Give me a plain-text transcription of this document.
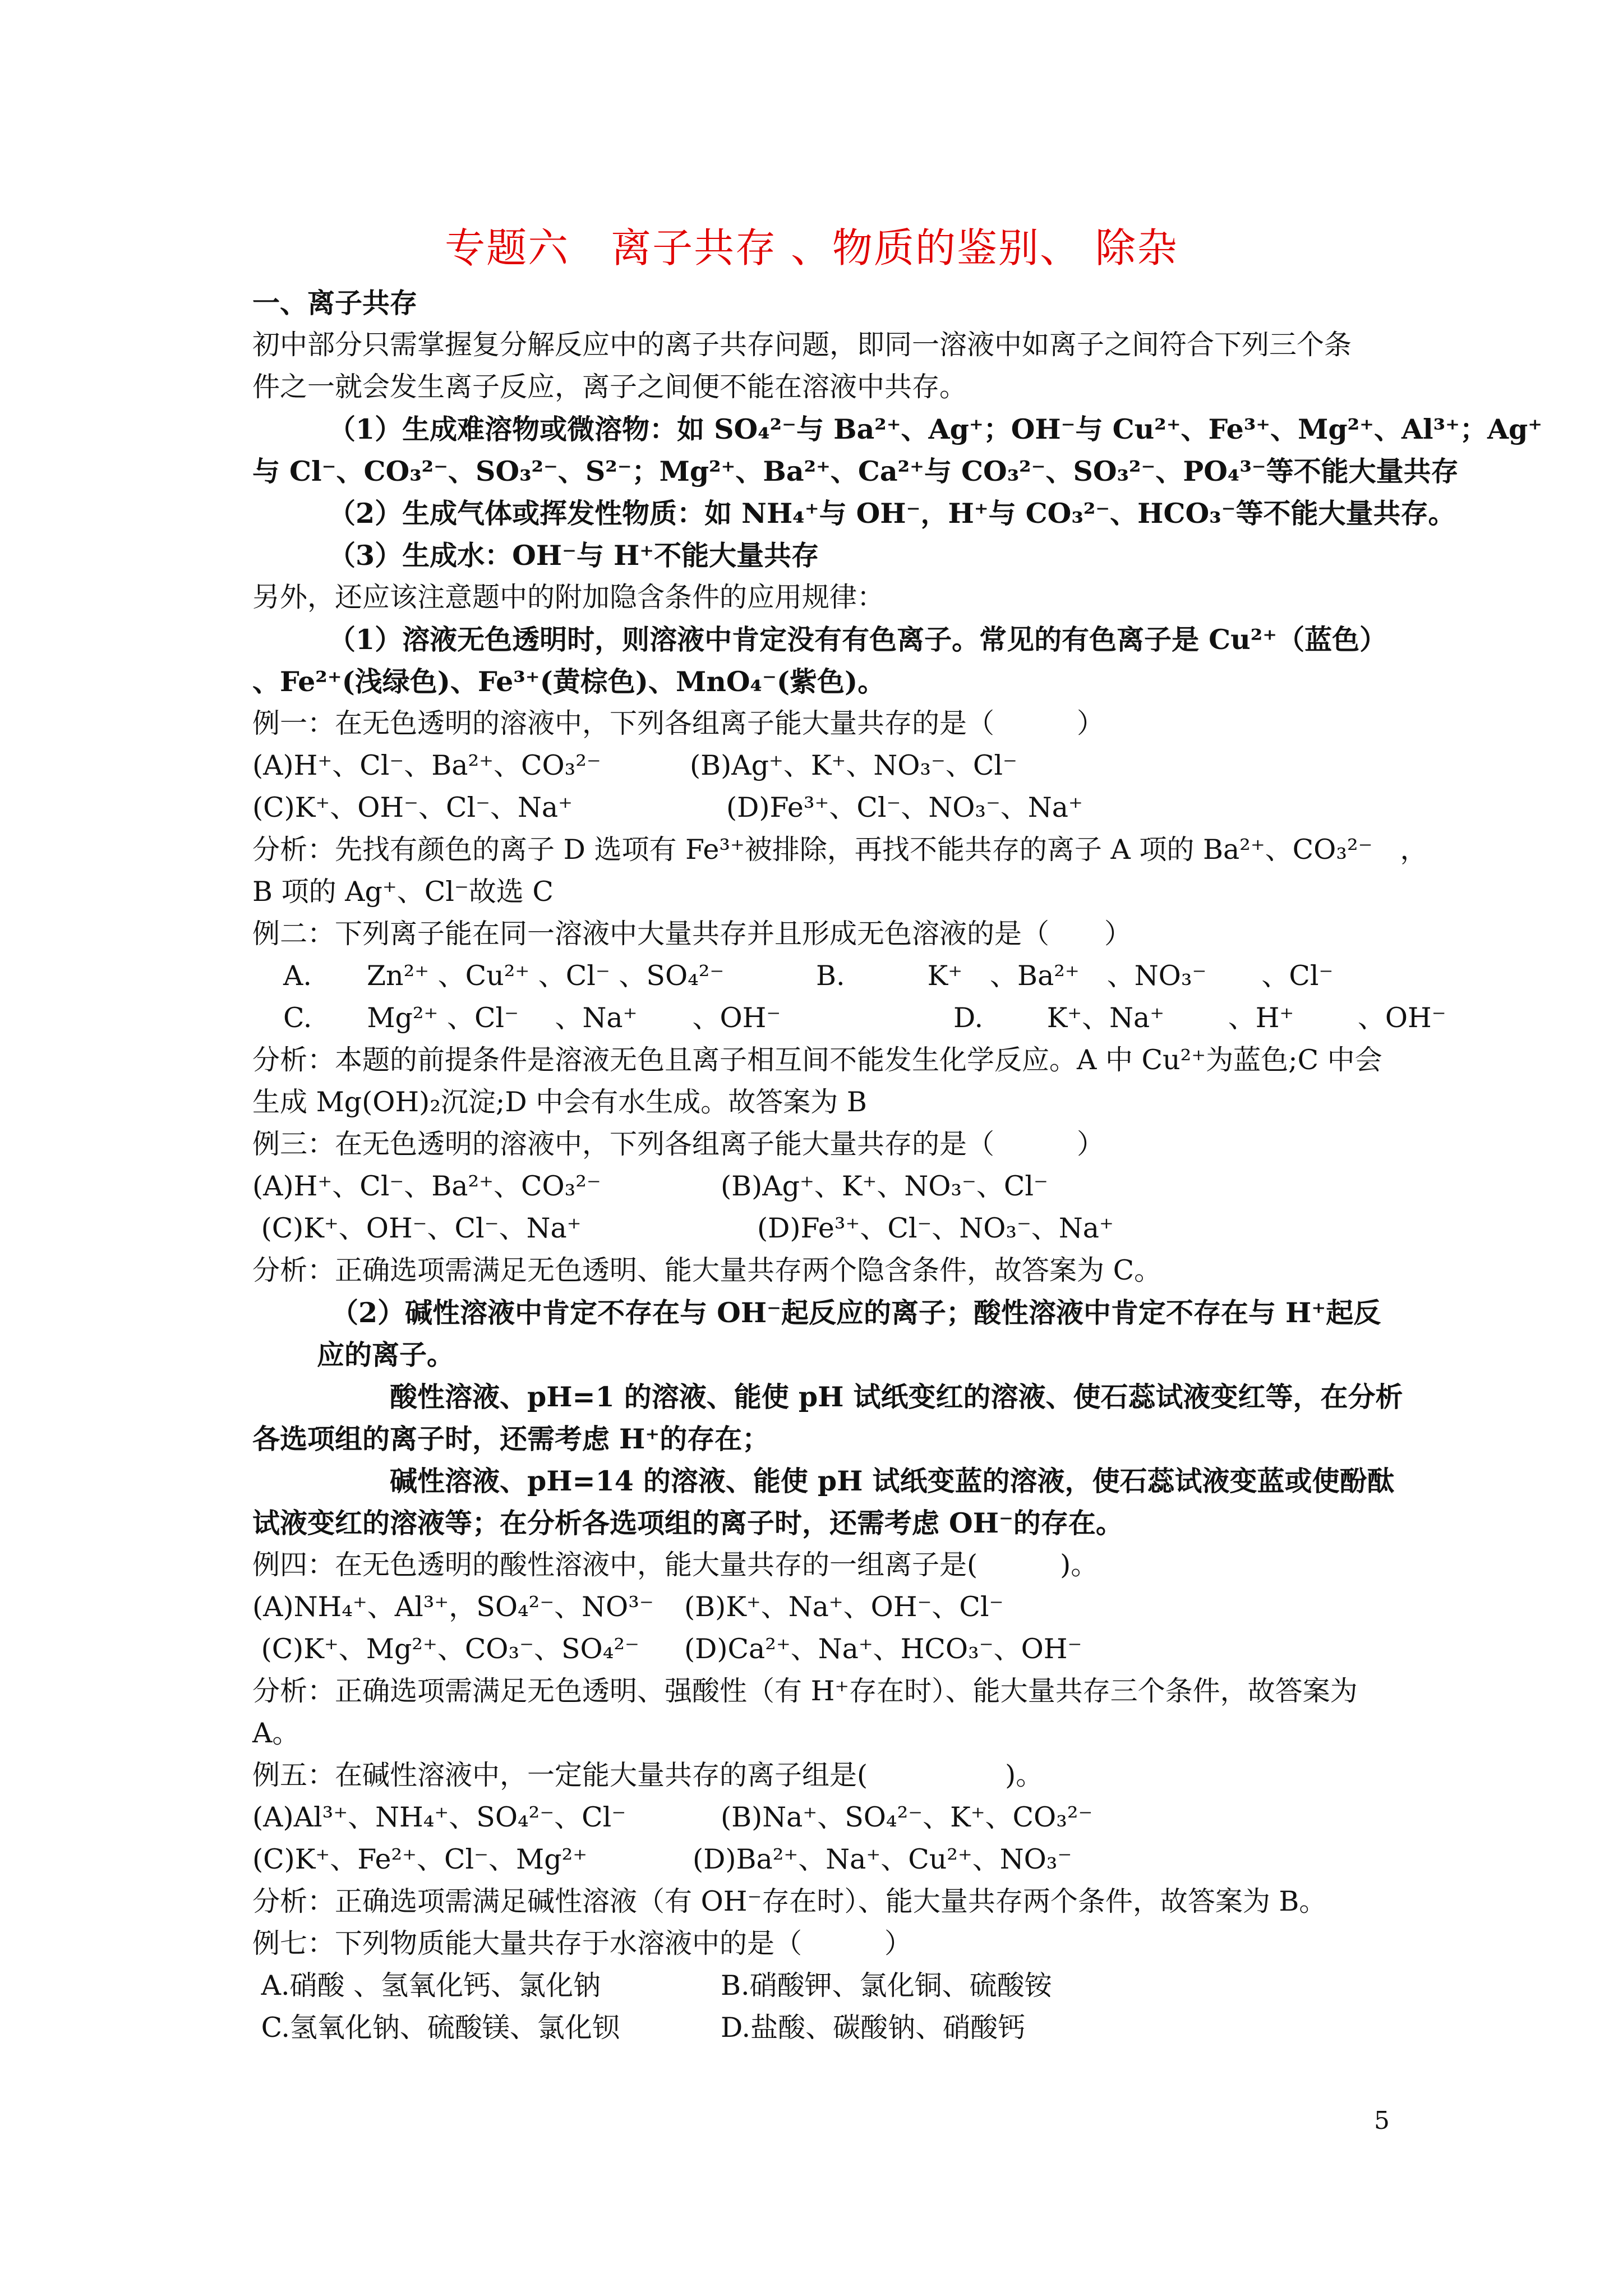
专题六　离子共存 、物质的鉴别、 除杂
一、离子共存
初中部分只需掌握复分解反应中的离子共存问题，即同一溶液中如离子之间符合下列三个条
件之一就会发生离子反应，离子之间便不能在溶液中共存。
（1）生成难溶物或微溶物：如 SO₄²⁻与 Ba²⁺、Ag⁺；OH⁻与 Cu²⁺、Fe³⁺、Mg²⁺、Al³⁺；Ag⁺
与 Cl⁻、CO₃²⁻、SO₃²⁻、S²⁻；Mg²⁺、Ba²⁺、Ca²⁺与 CO₃²⁻、SO₃²⁻、PO₄³⁻等不能大量共存
（2）生成气体或挥发性物质：如 NH₄⁺与 OH⁻，H⁺与 CO₃²⁻、HCO₃⁻等不能大量共存。
（3）生成水：OH⁻与 H⁺不能大量共存
另外，还应该注意题中的附加隐含条件的应用规律：
（1）溶液无色透明时，则溶液中肯定没有有色离子。常见的有色离子是 Cu²⁺（蓝色）
、Fe²⁺(浅绿色)、Fe³⁺(黄棕色)、MnO₄⁻(紫色)。
例一：在无色透明的溶液中，下列各组离子能大量共存的是（　　　）
(A)H⁺、Cl⁻、Ba²⁺、CO₃²⁻	(B)Ag⁺、K⁺、NO₃⁻、Cl⁻
(C)K⁺、OH⁻、Cl⁻、Na⁺	(D)Fe³⁺、Cl⁻、NO₃⁻、Na⁺
分析：先找有颜色的离子 D 选项有 Fe³⁺被排除，再找不能共存的离子 A 项的 Ba²⁺、CO₃²⁻　，
B 项的 Ag⁺、Cl⁻故选 C
例二：下列离子能在同一溶液中大量共存并且形成无色溶液的是（　　）
A.　　Zn²⁺ 、Cu²⁺ 、Cl⁻ 、SO₄²⁻	B.　　　K⁺　、Ba²⁺　、NO₃⁻　　、Cl⁻
C.　　Mg²⁺ 、Cl⁻　 、Na⁺　　、OH⁻	D.　　 K⁺、Na⁺　　 、H⁺　　 、OH⁻
分析：本题的前提条件是溶液无色且离子相互间不能发生化学反应。A 中 Cu²⁺为蓝色;C 中会
生成 Mg(OH)₂沉淀;D 中会有水生成。故答案为 B
例三：在无色透明的溶液中，下列各组离子能大量共存的是（　　　）
(A)H⁺、Cl⁻、Ba²⁺、CO₃²⁻	(B)Ag⁺、K⁺、NO₃⁻、Cl⁻
(C)K⁺、OH⁻、Cl⁻、Na⁺	(D)Fe³⁺、Cl⁻、NO₃⁻、Na⁺
分析：正确选项需满足无色透明、能大量共存两个隐含条件，故答案为 C。
（2）碱性溶液中肯定不存在与 OH⁻起反应的离子；酸性溶液中肯定不存在与 H⁺起反
应的离子。
酸性溶液、pH=1 的溶液、能使 pH 试纸变红的溶液、使石蕊试液变红等，在分析
各选项组的离子时，还需考虑 H⁺的存在；
碱性溶液、pH=14 的溶液、能使 pH 试纸变蓝的溶液，使石蕊试液变蓝或使酚酞
试液变红的溶液等；在分析各选项组的离子时，还需考虑 OH⁻的存在。
例四：在无色透明的酸性溶液中，能大量共存的一组离子是(　　　)。
(A)NH₄⁺、Al³⁺，SO₄²⁻、NO³⁻ (B)K⁺、Na⁺、OH⁻、Cl⁻
(C)K⁺、Mg²⁺、CO₃⁻、SO₄²⁻ (D)Ca²⁺、Na⁺、HCO₃⁻、OH⁻
分析：正确选项需满足无色透明、强酸性（有 H⁺存在时）、能大量共存三个条件，故答案为
A。
例五：在碱性溶液中，一定能大量共存的离子组是(　　　　　)。
(A)Al³⁺、NH₄⁺、SO₄²⁻、Cl⁻	(B)Na⁺、SO₄²⁻、K⁺、CO₃²⁻
(C)K⁺、Fe²⁺、Cl⁻、Mg²⁺	(D)Ba²⁺、Na⁺、Cu²⁺、NO₃⁻
分析：正确选项需满足碱性溶液（有 OH⁻存在时）、能大量共存两个条件，故答案为 B。
例七：下列物质能大量共存于水溶液中的是（　　　）
A.硝酸 、氢氧化钙、氯化钠	B.硝酸钾、氯化铜、硫酸铵
C.氢氧化钠、硫酸镁、氯化钡	D.盐酸、碳酸钠、硝酸钙
5
